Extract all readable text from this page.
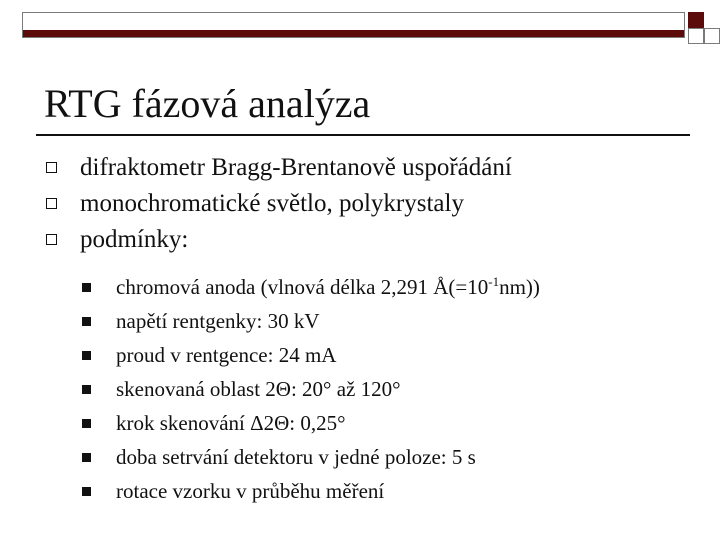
RTG fázová analýza
difraktometr Bragg-Brentanově uspořádání
monochromatické světlo, polykrystaly
podmínky:
chromová anoda (vlnová délka 2,291 $Å(=10^{-1}nm)$)
napětí rentgenky: 30 kV
proud v rentgence: 24 mA
skenovaná oblast 2Θ: 20° až 120°
krok skenování Δ2Θ: 0,25°
doba setrvání detektoru v jedné poloze: 5 s
rotace vzorku v průběhu měření
